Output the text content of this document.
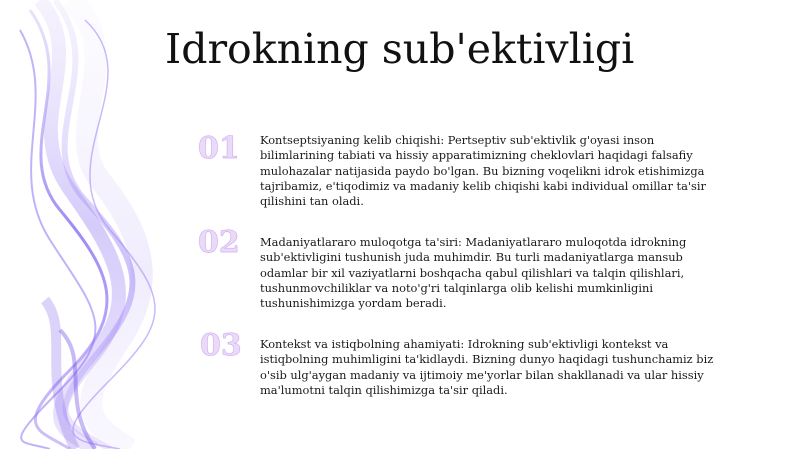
Idrokning sub'ektivligi
01	Kontseptsiyaning kelib chiqishi: Pertseptiv sub'ektivlik g'oyasi inson bilimlarining tabiati va hissiy apparatimizning cheklovlari haqidagi falsafiy mulohazalar natijasida paydo bo'lgan. Bu bizning voqelikni idrok etishimizga tajribamiz, e'tiqodimiz va madaniy kelib chiqishi kabi individual omillar ta'sir qilishini tan oladi.
02	Madaniyatlararo muloqotga ta'siri: Madaniyatlararo muloqotda idrokning sub'ektivligini tushunish juda muhimdir. Bu turli madaniyatlarga mansub odamlar bir xil vaziyatlarni boshqacha qabul qilishlari va talqin qilishlari, tushunmovchiliklar va noto'g'ri talqinlarga olib kelishi mumkinligini tushunishimizga yordam beradi.
03	Kontekst va istiqbolning ahamiyati: Idrokning sub'ektivligi kontekst va istiqbolning muhimligini ta'kidlaydi. Bizning dunyo haqidagi tushunchamiz biz o'sib ulg'aygan madaniy va ijtimoiy me'yorlar bilan shakllanadi va ular hissiy ma'lumotni talqin qilishimizga ta'sir qiladi.
